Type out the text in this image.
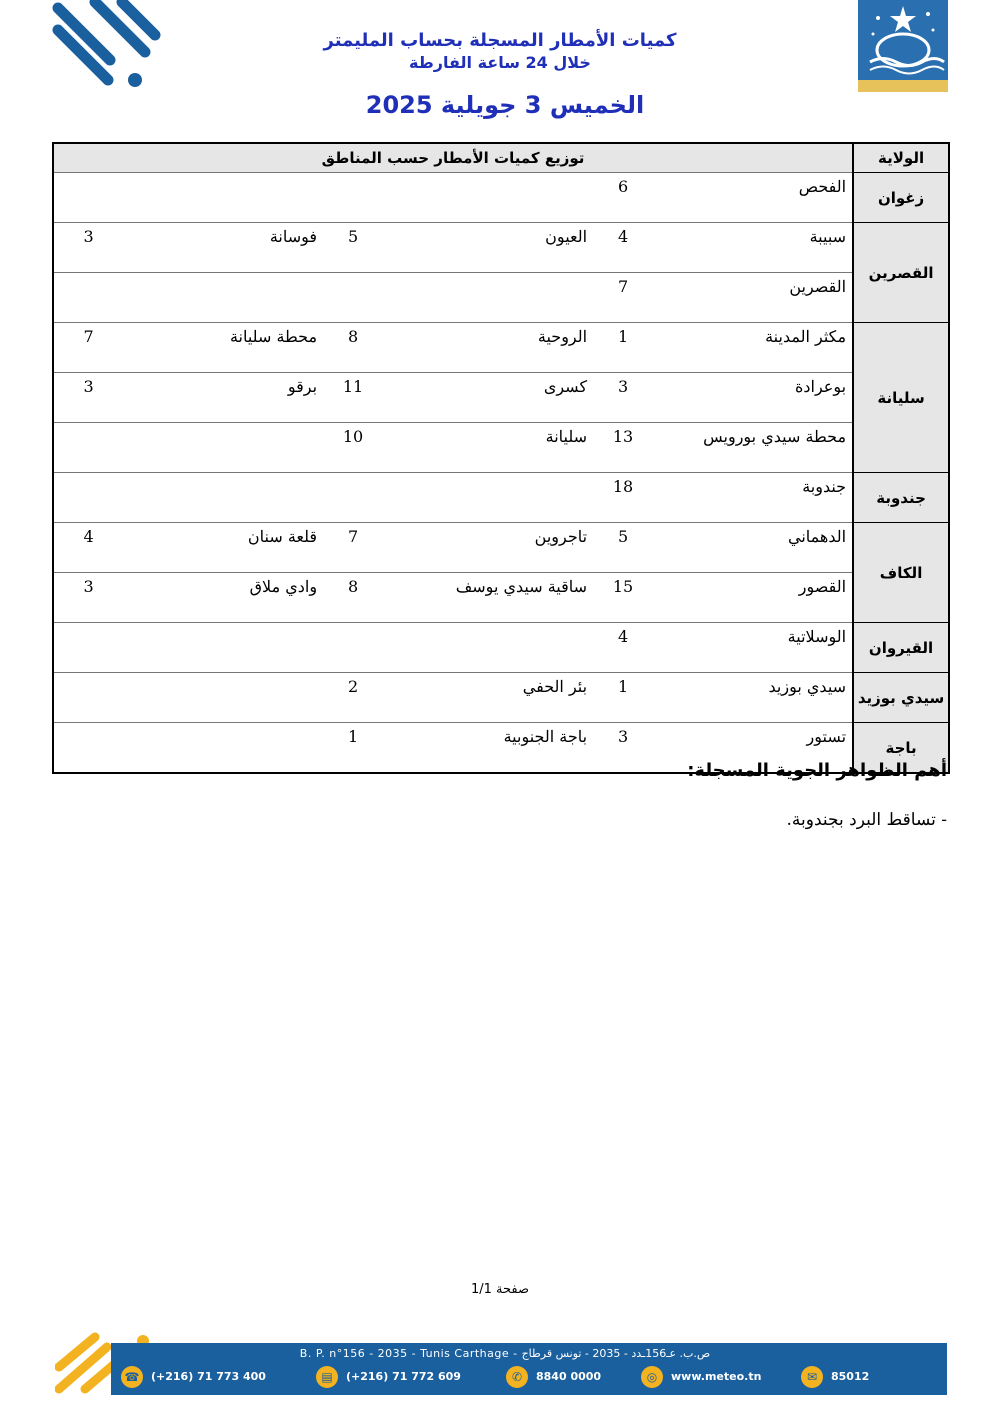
كميات الأمطار المسجلة بحساب المليمتر
خلال 24 ساعة الفارطة
الخميس 3 جويلية 2025
الولاية	توزيع كميات الأمطار حسب المناطق					
زغوان	الفحص	6				
القصرين	سبيبة	4	العيون	5	فوسانة	3
	القصرين	7				
سليانة	مكثر المدينة	1	الروحية	8	محطة سليانة	7
	بوعرادة	3	كسرى	11	برقو	3
	محطة سيدي بورويس	13	سليانة	10		
جندوبة	جندوبة	18				
الكاف	الدهماني	5	تاجروين	7	قلعة سنان	4
	القصور	15	ساقية سيدي يوسف	8	وادي ملاق	3
القيروان	الوسلاتية	4				
سيدي بوزيد	سيدي بوزيد	1	بئر الحفي	2		
باجة	تستور	3	باجة الجنوبية	1		
أهم الظواهر الجوية المسجلة:
- تساقط البرد بجندوبة.
صفحة 1/1
B. P. n°156 - 2035 - Tunis Carthage - ص.ب. عـ156ـدد - 2035 - تونس قرطاج
☎ (+216) 71 773 400	▤ (+216) 71 772 609	✆ 8840 0000	◎ www.meteo.tn	✉ 85012
